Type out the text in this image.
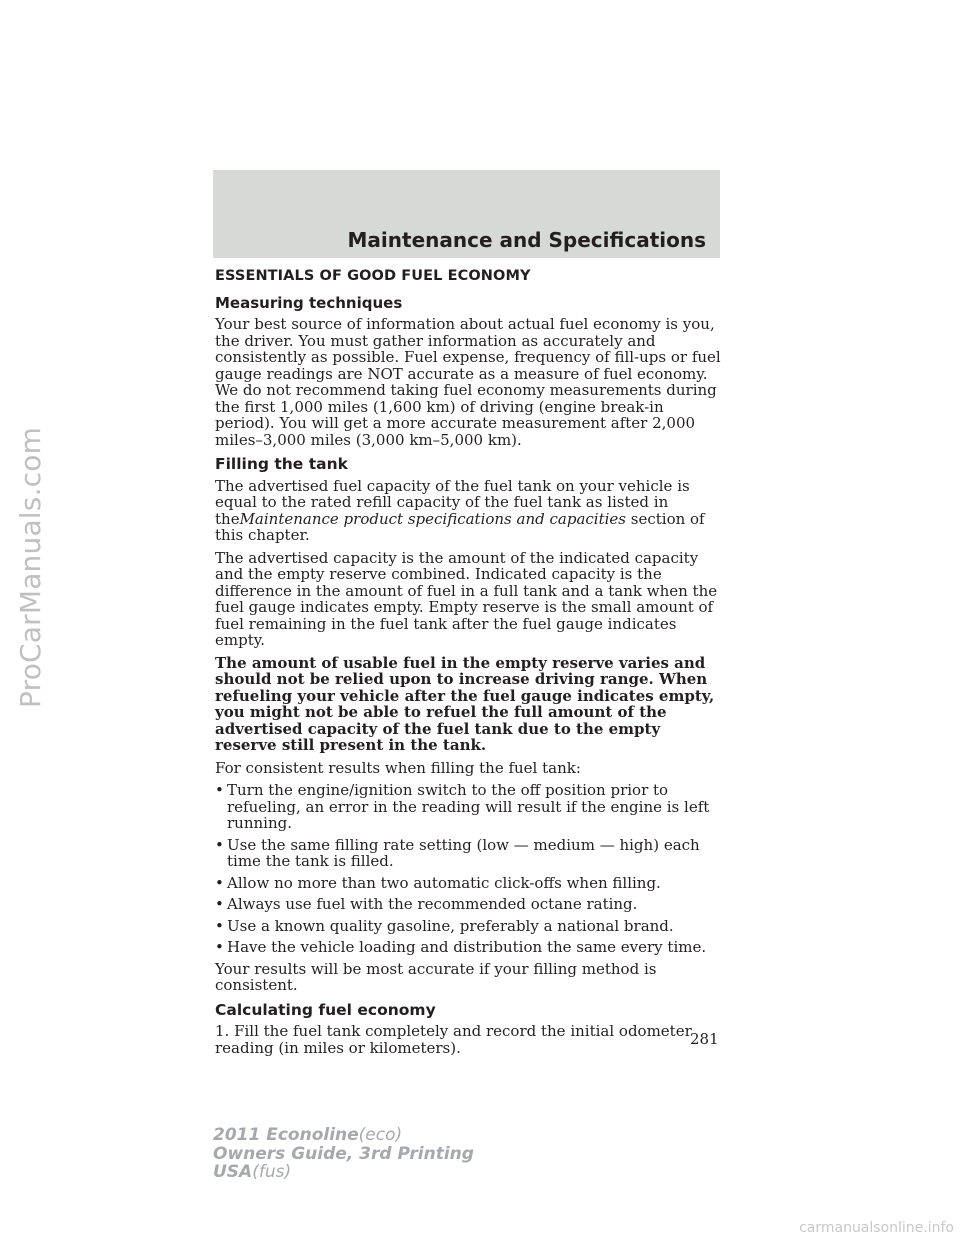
Maintenance and Specifications
ProCarManuals.com
ESSENTIALS OF GOOD FUEL ECONOMY
Measuring techniques

Your best source of information about actual fuel economy is you, the driver. You must gather information as accurately and consistently as possible. Fuel expense, frequency of fill-ups or fuel gauge readings are NOT accurate as a measure of fuel economy. We do not recommend taking fuel economy measurements during the first 1,000 miles (1,600 km) of driving (engine break-in period). You will get a more accurate measurement after 2,000 miles–3,000 miles (3,000 km–5,000 km).

Filling the tank

The advertised fuel capacity of the fuel tank on your vehicle is equal to the rated refill capacity of the fuel tank as listed in theMaintenance product specifications and capacities section of this chapter.

The advertised capacity is the amount of the indicated capacity and the empty reserve combined. Indicated capacity is the difference in the amount of fuel in a full tank and a tank when the fuel gauge indicates empty. Empty reserve is the small amount of fuel remaining in the fuel tank after the fuel gauge indicates empty.

The amount of usable fuel in the empty reserve varies and should not be relied upon to increase driving range. When refueling your vehicle after the fuel gauge indicates empty, you might not be able to refuel the full amount of the advertised capacity of the fuel tank due to the empty reserve still present in the tank.

For consistent results when filling the fuel tank:

• Turn the engine/ignition switch to the off position prior to refueling, an error in the reading will result if the engine is left running.
• Use the same filling rate setting (low — medium — high) each time the tank is filled.
• Allow no more than two automatic click-offs when filling.
• Always use fuel with the recommended octane rating.
• Use a known quality gasoline, preferably a national brand.
• Have the vehicle loading and distribution the same every time.

Your results will be most accurate if your filling method is consistent.

Calculating fuel economy

1. Fill the fuel tank completely and record the initial odometer reading (in miles or kilometers).	281
2011 Econoline(eco)
Owners Guide, 3rd Printing
USA(fus)
carmanualsonline.info
